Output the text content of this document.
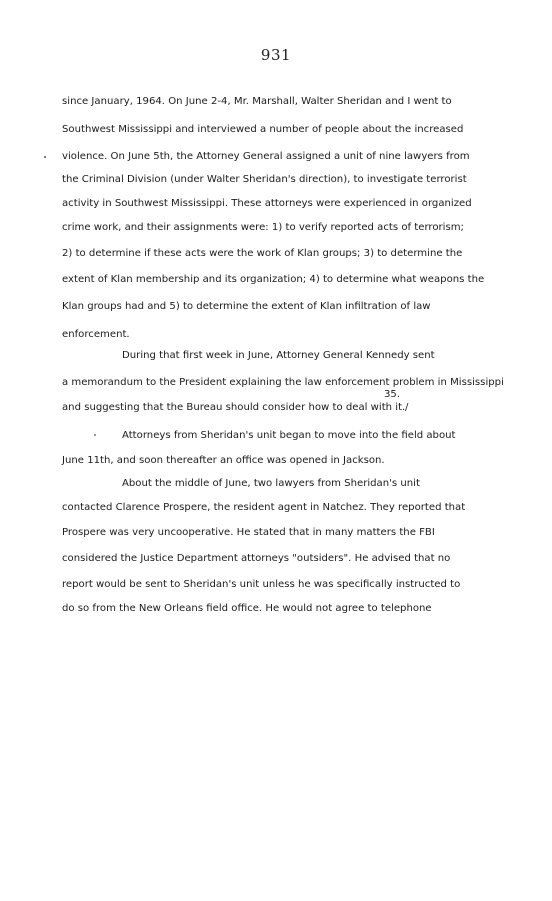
931
since January, 1964. On June 2-4, Mr. Marshall, Walter Sheridan and I went to
Southwest Mississippi and interviewed a number of people about the increased
violence. On June 5th, the Attorney General assigned a unit of nine lawyers from
the Criminal Division (under Walter Sheridan's direction), to investigate terrorist
activity in Southwest Mississippi. These attorneys were experienced in organized
crime work, and their assignments were: 1) to verify reported acts of terrorism;
2) to determine if these acts were the work of Klan groups; 3) to determine the
extent of Klan membership and its organization; 4) to determine what weapons the
Klan groups had and 5) to determine the extent of Klan infiltration of law
enforcement.
During that first week in June, Attorney General Kennedy sent
a memorandum to the President explaining the law enforcement problem in Mississippi
35.
and suggesting that the Bureau should consider how to deal with it. /
Attorneys from Sheridan's unit began to move into the field about
June 11th, and soon thereafter an office was opened in Jackson.
About the middle of June, two lawyers from Sheridan's unit
contacted Clarence Prospere, the resident agent in Natchez. They reported that
Prospere was very uncooperative. He stated that in many matters the FBI
considered the Justice Department attorneys "outsiders". He advised that no
report would be sent to Sheridan's unit unless he was specifically instructed to
do so from the New Orleans field office. He would not agree to telephone
